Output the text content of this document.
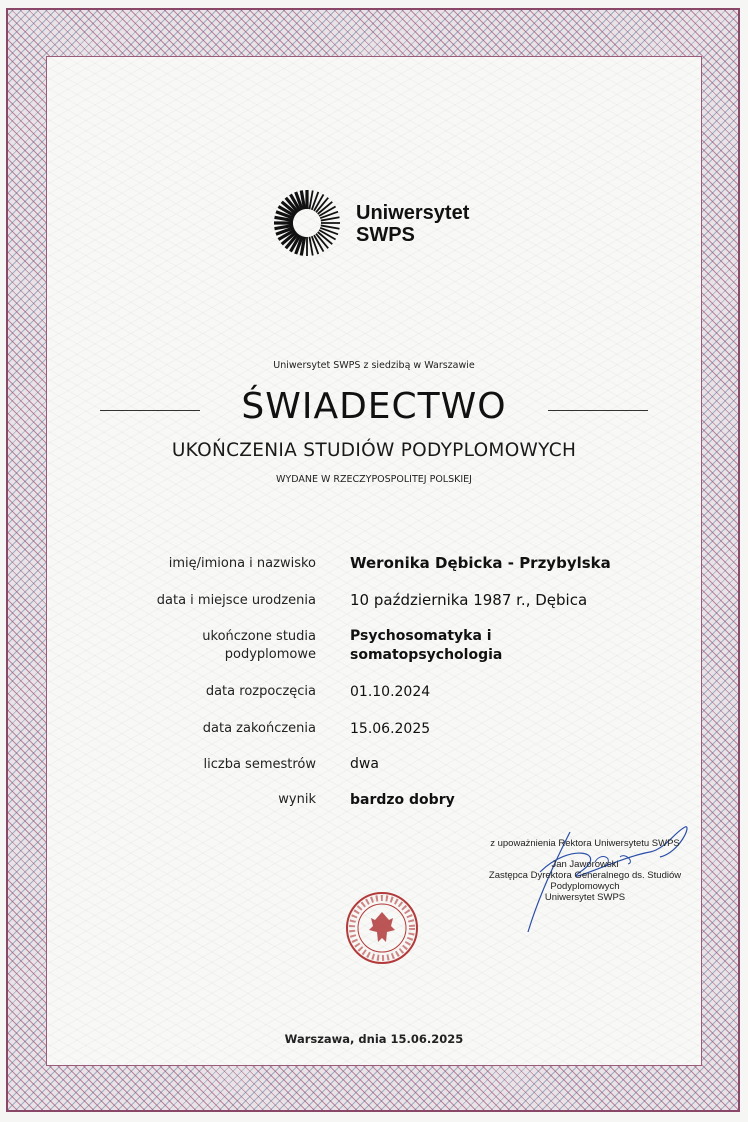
Uniwersytet
SWPS
Uniwersytet SWPS z siedzibą w Warszawie
ŚWIADECTWO
UKOŃCZENIA STUDIÓW PODYPLOMOWYCH
WYDANE W RZECZYPOSPOLITEJ POLSKIEJ
imię/imiona i nazwisko Weronika Dębicka - Przybylska
data i miejsce urodzenia 10 października 1987 r., Dębica
ukończone studia
podyplomowe
Psychosomatyka i
somatopsychologia
data rozpoczęcia 01.10.2024
data zakończenia 15.06.2025
liczba semestrów dwa
wynik bardzo dobry
z upoważnienia Rektora Uniwersytetu SWPS
Jan Jaworowski
Zastępca Dyrektora Generalnego ds. Studiów
Podyplomowych
Uniwersytet SWPS
Warszawa, dnia 15.06.2025
